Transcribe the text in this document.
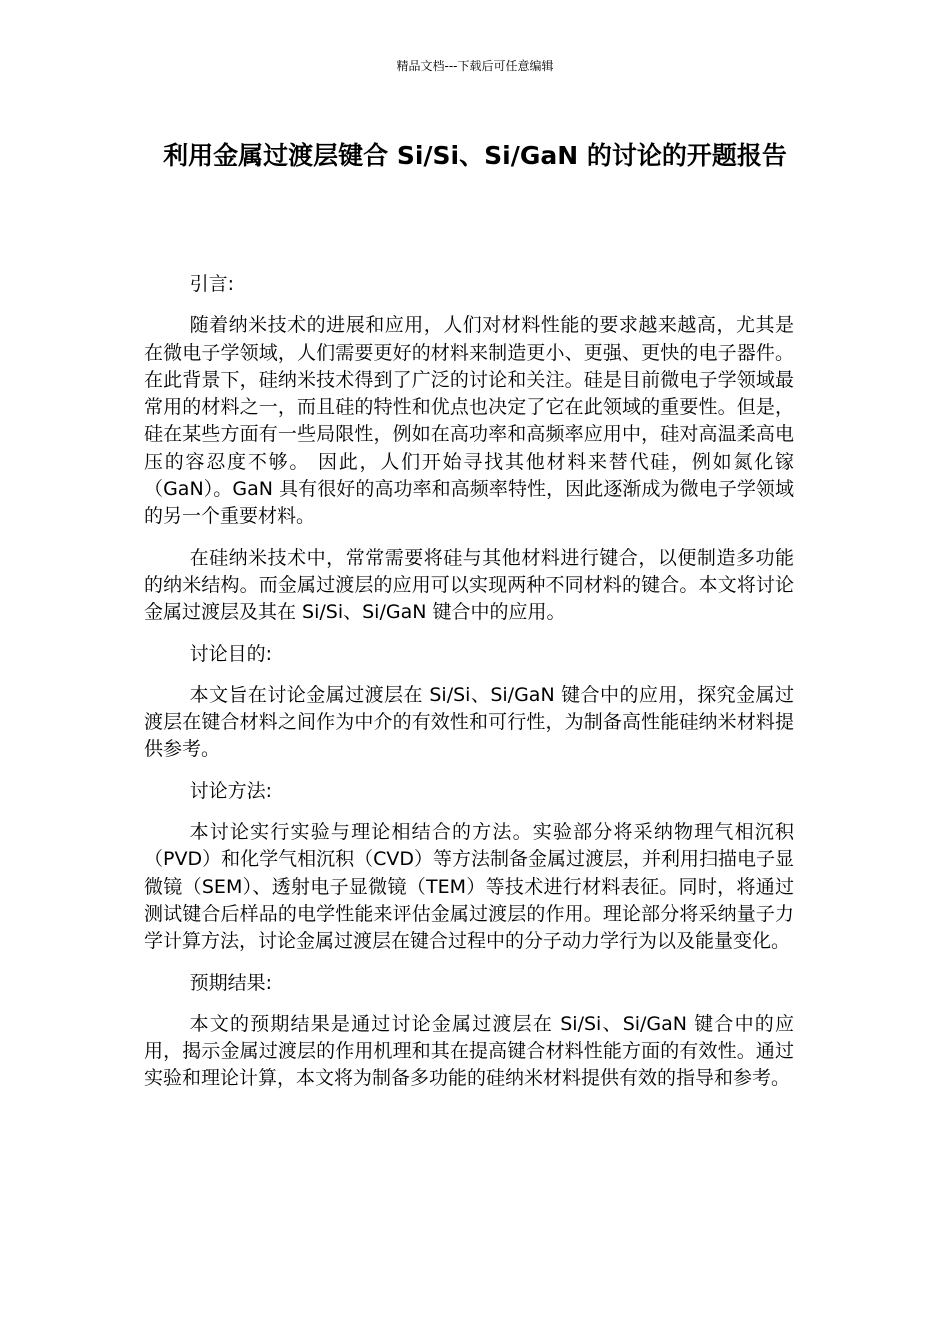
精品文档---下载后可任意编辑
利用金属过渡层键合 Si/Si、Si/GaN 的讨论的开题报告

引言:

随着纳米技术的进展和应用，人们对材料性能的要求越来越高，尤其是在微电子学领域，人们需要更好的材料来制造更小、更强、更快的电子器件。在此背景下，硅纳米技术得到了广泛的讨论和关注。硅是目前微电子学领域最常用的材料之一，而且硅的特性和优点也决定了它在此领域的重要性。但是，硅在某些方面有一些局限性，例如在高功率和高频率应用中，硅对高温柔高电压的容忍度不够。 因此，人们开始寻找其他材料来替代硅，例如氮化镓（GaN）。GaN 具有很好的高功率和高频率特性，因此逐渐成为微电子学领域的另一个重要材料。

在硅纳米技术中，常常需要将硅与其他材料进行键合，以便制造多功能的纳米结构。而金属过渡层的应用可以实现两种不同材料的键合。本文将讨论金属过渡层及其在 Si/Si、Si/GaN 键合中的应用。

讨论目的:

本文旨在讨论金属过渡层在 Si/Si、Si/GaN 键合中的应用，探究金属过渡层在键合材料之间作为中介的有效性和可行性，为制备高性能硅纳米材料提供参考。

讨论方法:

本讨论实行实验与理论相结合的方法。实验部分将采纳物理气相沉积（PVD）和化学气相沉积（CVD）等方法制备金属过渡层，并利用扫描电子显微镜（SEM）、透射电子显微镜（TEM）等技术进行材料表征。同时，将通过测试键合后样品的电学性能来评估金属过渡层的作用。理论部分将采纳量子力学计算方法，讨论金属过渡层在键合过程中的分子动力学行为以及能量变化。

预期结果:

本文的预期结果是通过讨论金属过渡层在 Si/Si、Si/GaN 键合中的应用，揭示金属过渡层的作用机理和其在提高键合材料性能方面的有效性。通过实验和理论计算，本文将为制备多功能的硅纳米材料提供有效的指导和参考。
